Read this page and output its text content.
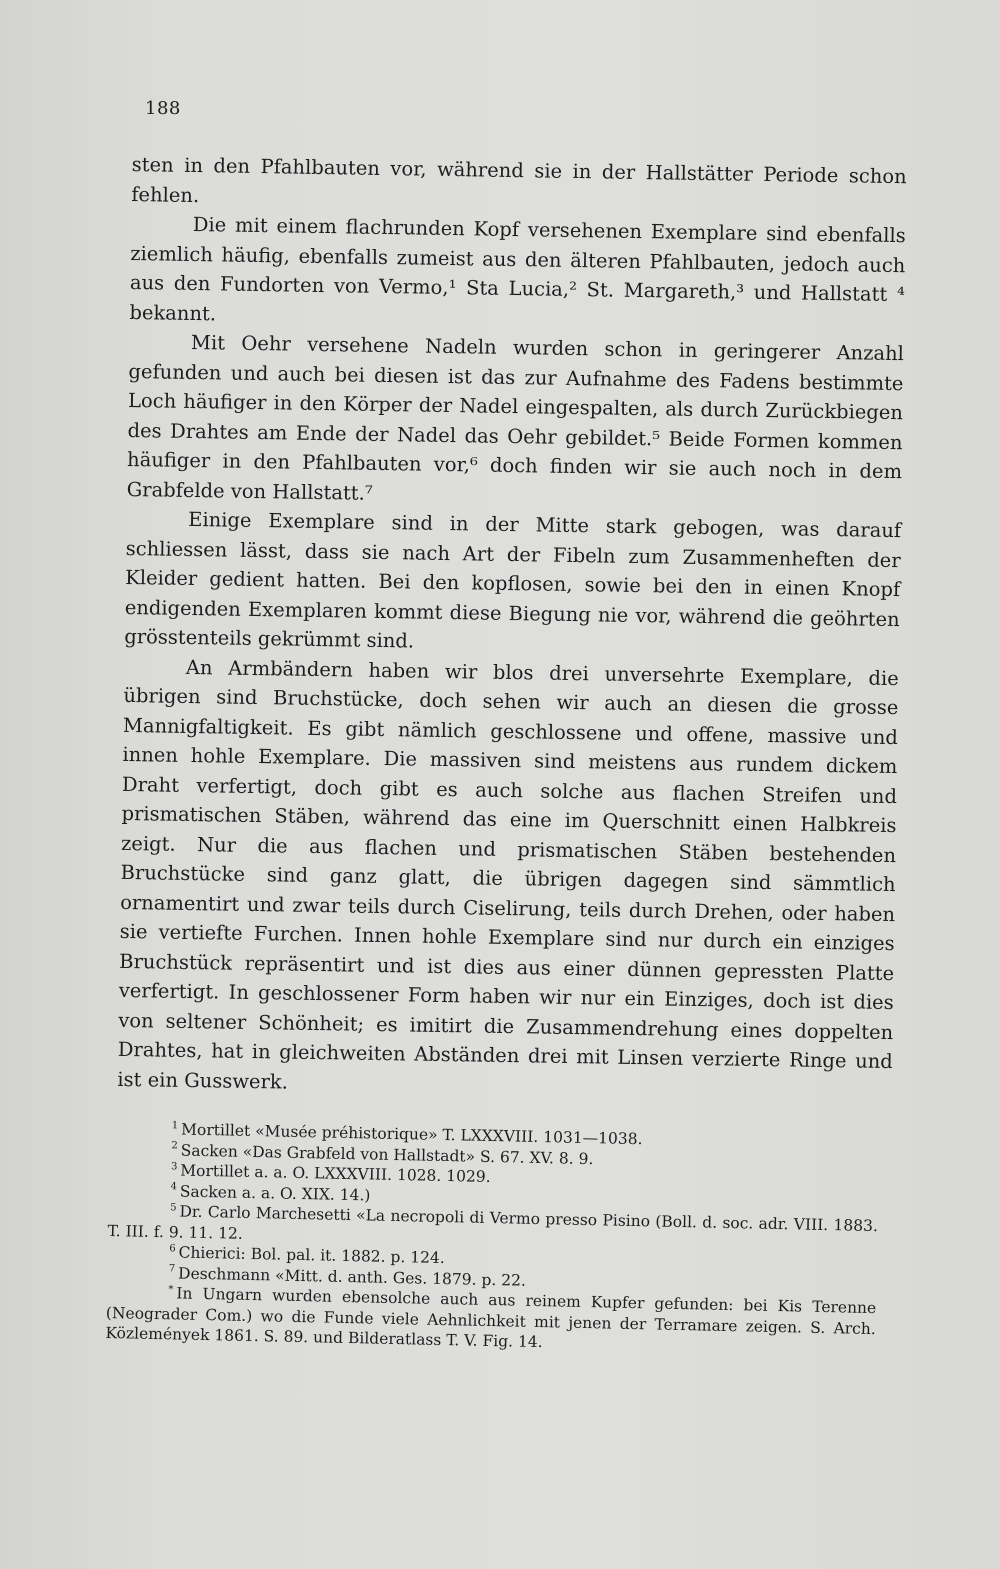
188

sten in den Pfahlbauten vor, während sie in der Hallstätter Periode schon fehlen.

Die mit einem flachrunden Kopf versehenen Exemplare sind ebenfalls ziemlich häufig, ebenfalls zumeist aus den älteren Pfahlbauten, jedoch auch aus den Fundorten von Vermo,¹ Sta Lucia,² St. Margareth,³ und Hallstatt ⁴ bekannt.

Mit Oehr versehene Nadeln wurden schon in geringerer Anzahl gefunden und auch bei diesen ist das zur Aufnahme des Fadens bestimmte Loch häufiger in den Körper der Nadel eingespalten, als durch Zurückbiegen des Drahtes am Ende der Nadel das Oehr gebildet.⁵ Beide Formen kommen häufiger in den Pfahlbauten vor,⁶ doch finden wir sie auch noch in dem Grabfelde von Hallstatt.⁷

Einige Exemplare sind in der Mitte stark gebogen, was darauf schliessen lässt, dass sie nach Art der Fibeln zum Zusammenheften der Kleider gedient hatten. Bei den kopflosen, sowie bei den in einen Knopf endigenden Exemplaren kommt diese Biegung nie vor, während die geöhrten grösstenteils gekrümmt sind.

An Armbändern haben wir blos drei unversehrte Exemplare, die übrigen sind Bruchstücke, doch sehen wir auch an diesen die grosse Mannigfaltigkeit. Es gibt nämlich geschlossene und offene, massive und innen hohle Exemplare. Die massiven sind meistens aus rundem dickem Draht verfertigt, doch gibt es auch solche aus flachen Streifen und prismatischen Stäben, während das eine im Querschnitt einen Halbkreis zeigt. Nur die aus flachen und prismatischen Stäben bestehenden Bruchstücke sind ganz glatt, die übrigen dagegen sind sämmtlich ornamentirt und zwar teils durch Ciselirung, teils durch Drehen, oder haben sie vertiefte Furchen. Innen hohle Exemplare sind nur durch ein einziges Bruchstück repräsentirt und ist dies aus einer dünnen gepressten Platte verfertigt. In geschlossener Form haben wir nur ein Einziges, doch ist dies von seltener Schönheit; es imitirt die Zusammendrehung eines doppelten Drahtes, hat in gleichweiten Abständen drei mit Linsen verzierte Ringe und ist ein Gusswerk.

$^1$ Mortillet «Musée préhistorique» T. LXXXVIII. 1031—1038.

$^2$ Sacken «Das Grabfeld von Hallstadt» S. 67. XV. 8. 9.

$^3$ Mortillet a. a. O. LXXXVIII. 1028. 1029.

$^4$ Sacken a. a. O. XIX. 14.)

$^5$ Dr. Carlo Marchesetti «La necropoli di Vermo presso Pisino (Boll. d. soc. adr. VIII. 1883. T. III. f. 9. 11. 12.

$^6$ Chierici: Bol. pal. it. 1882. p. 124.

$^7$ Deschmann «Mitt. d. anth. Ges. 1879. p. 22.

* In Ungarn wurden ebensolche auch aus reinem Kupfer gefunden: bei Kis Terenne (Neograder Com.) wo die Funde viele Aehnlichkeit mit jenen der Terramare zeigen. S. Arch. Közlemények 1861. S. 89. und Bilderatlass T. V. Fig. 14.
